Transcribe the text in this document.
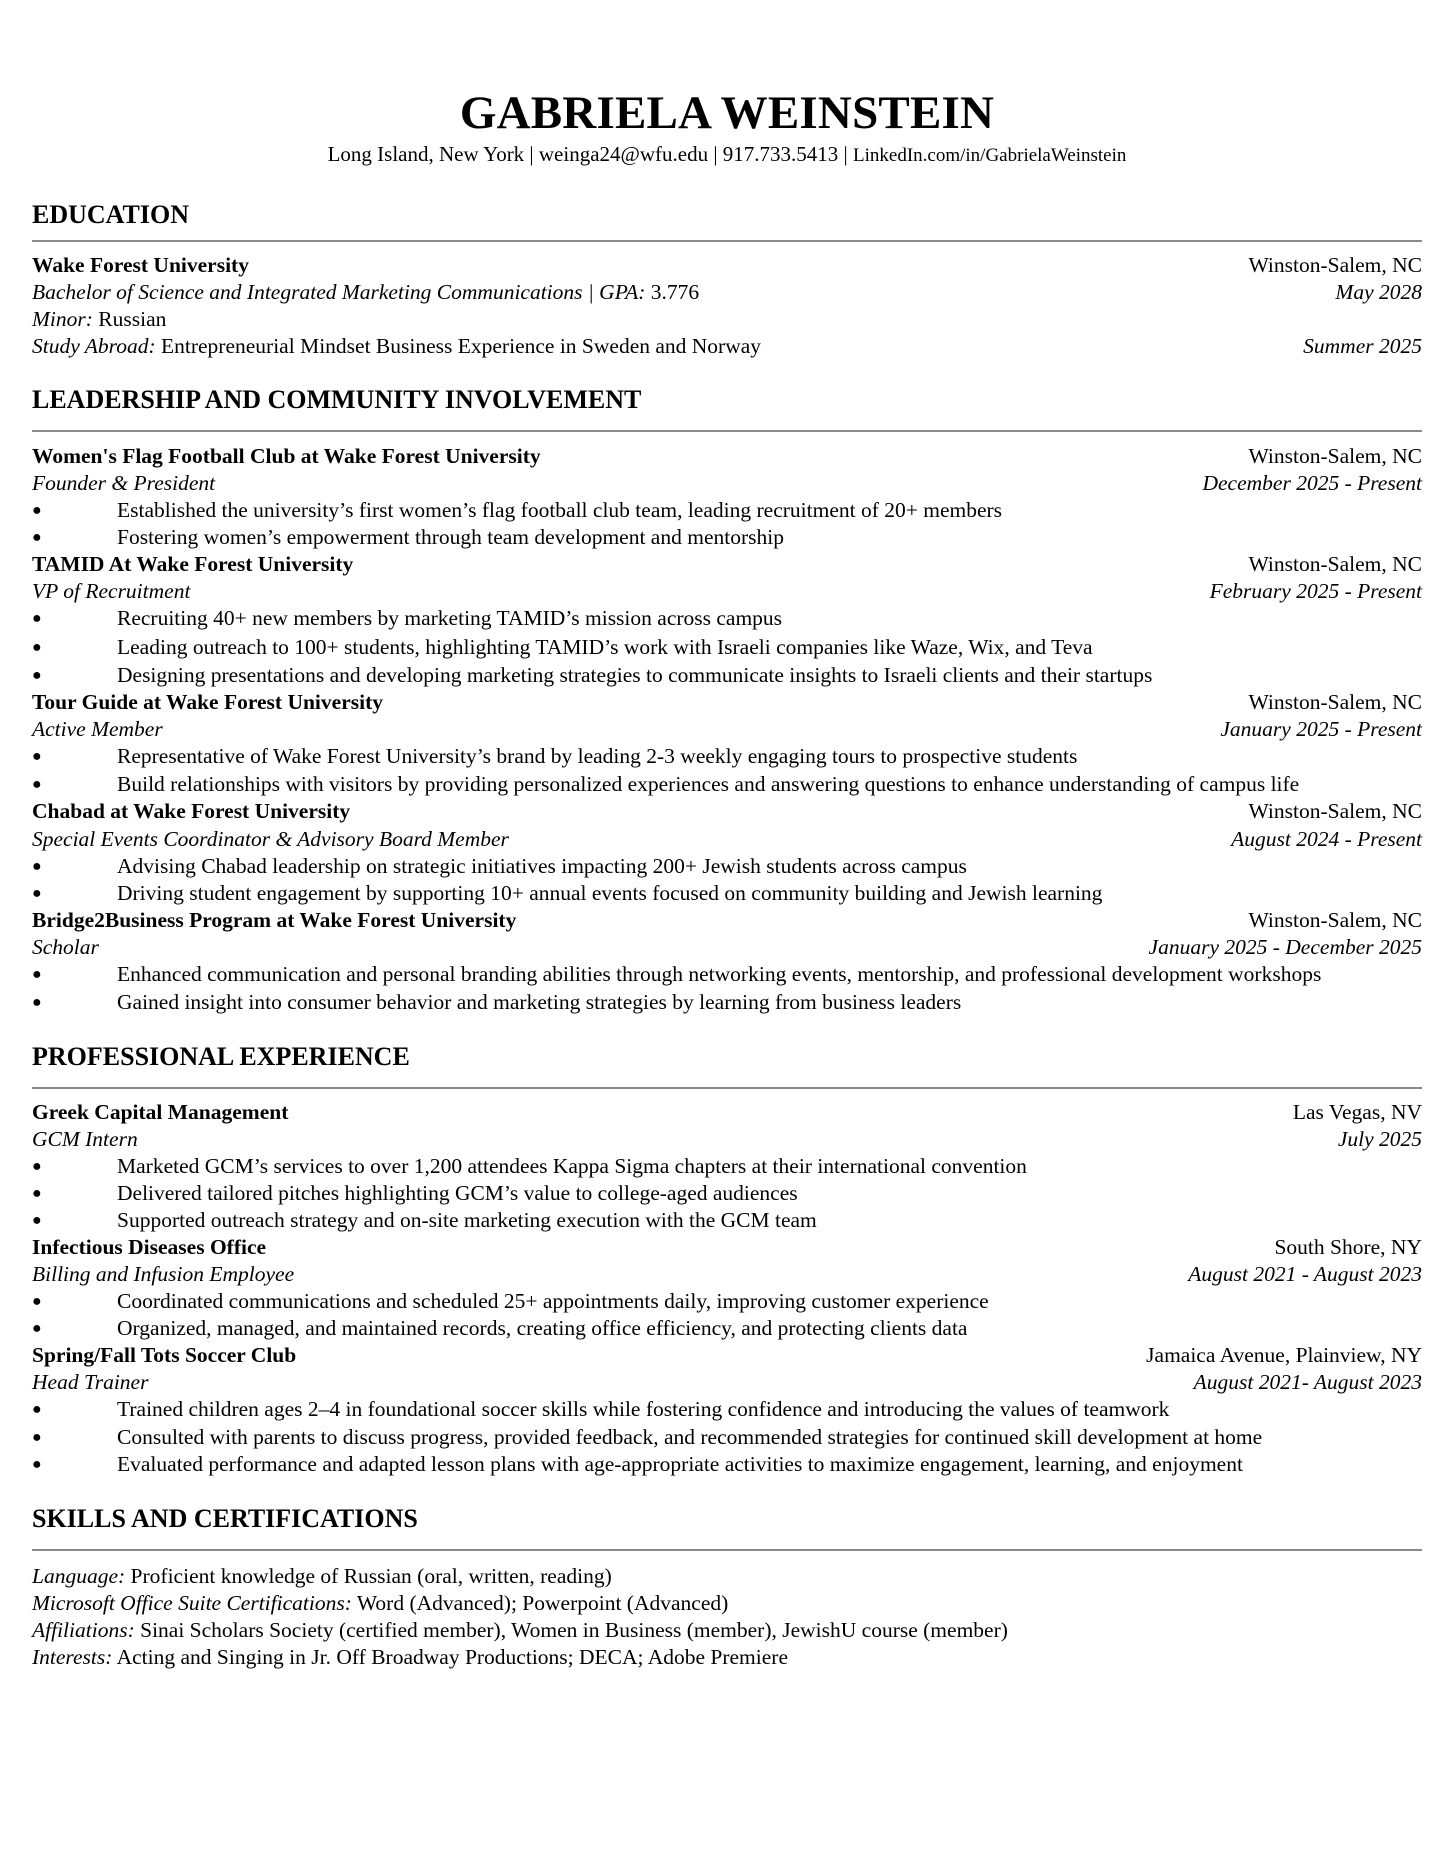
GABRIELA WEINSTEIN
Long Island, New York | weinga24@wfu.edu | 917.733.5413 | LinkedIn.com/in/GabrielaWeinstein
EDUCATION
Wake Forest University	Winston-Salem, NC
Bachelor of Science and Integrated Marketing Communications | GPA: 3.776	May 2028
Minor: Russian
Study Abroad: Entrepreneurial Mindset Business Experience in Sweden and Norway	Summer 2025
LEADERSHIP AND COMMUNITY INVOLVEMENT
Women's Flag Football Club at Wake Forest University	Winston-Salem, NC
Founder & President	December 2025 - Present
●	Established the university’s first women’s flag football club team, leading recruitment of 20+ members
●	Fostering women’s empowerment through team development and mentorship
TAMID At Wake Forest University	Winston-Salem, NC
VP of Recruitment	February 2025 - Present
●	Recruiting 40+ new members by marketing TAMID’s mission across campus
●	Leading outreach to 100+ students, highlighting TAMID’s work with Israeli companies like Waze, Wix, and Teva
●	Designing presentations and developing marketing strategies to communicate insights to Israeli clients and their startups
Tour Guide at Wake Forest University	Winston-Salem, NC
Active Member	January 2025 - Present
●	Representative of Wake Forest University’s brand by leading 2-3 weekly engaging tours to prospective students
●	Build relationships with visitors by providing personalized experiences and answering questions to enhance understanding of campus life
Chabad at Wake Forest University	Winston-Salem, NC
Special Events Coordinator & Advisory Board Member	August 2024 - Present
●	Advising Chabad leadership on strategic initiatives impacting 200+ Jewish students across campus
●	Driving student engagement by supporting 10+ annual events focused on community building and Jewish learning
Bridge2Business Program at Wake Forest University	Winston-Salem, NC
Scholar	January 2025 - December 2025
●	Enhanced communication and personal branding abilities through networking events, mentorship, and professional development workshops
●	Gained insight into consumer behavior and marketing strategies by learning from business leaders
PROFESSIONAL EXPERIENCE
Greek Capital Management	Las Vegas, NV
GCM Intern	July 2025
●	Marketed GCM’s services to over 1,200 attendees Kappa Sigma chapters at their international convention
●	Delivered tailored pitches highlighting GCM’s value to college-aged audiences
●	Supported outreach strategy and on-site marketing execution with the GCM team
Infectious Diseases Office	South Shore, NY
Billing and Infusion Employee	August 2021 - August 2023
●	Coordinated communications and scheduled 25+ appointments daily, improving customer experience
●	Organized, managed, and maintained records, creating office efficiency, and protecting clients data
Spring/Fall Tots Soccer Club	Jamaica Avenue, Plainview, NY
Head Trainer	August 2021- August 2023
●	Trained children ages 2–4 in foundational soccer skills while fostering confidence and introducing the values of teamwork
●	Consulted with parents to discuss progress, provided feedback, and recommended strategies for continued skill development at home
●	Evaluated performance and adapted lesson plans with age-appropriate activities to maximize engagement, learning, and enjoyment
SKILLS AND CERTIFICATIONS
Language: Proficient knowledge of Russian (oral, written, reading)
Microsoft Office Suite Certifications: Word (Advanced); Powerpoint (Advanced)
Affiliations: Sinai Scholars Society (certified member), Women in Business (member), JewishU course (member)
Interests: Acting and Singing in Jr. Off Broadway Productions; DECA; Adobe Premiere
